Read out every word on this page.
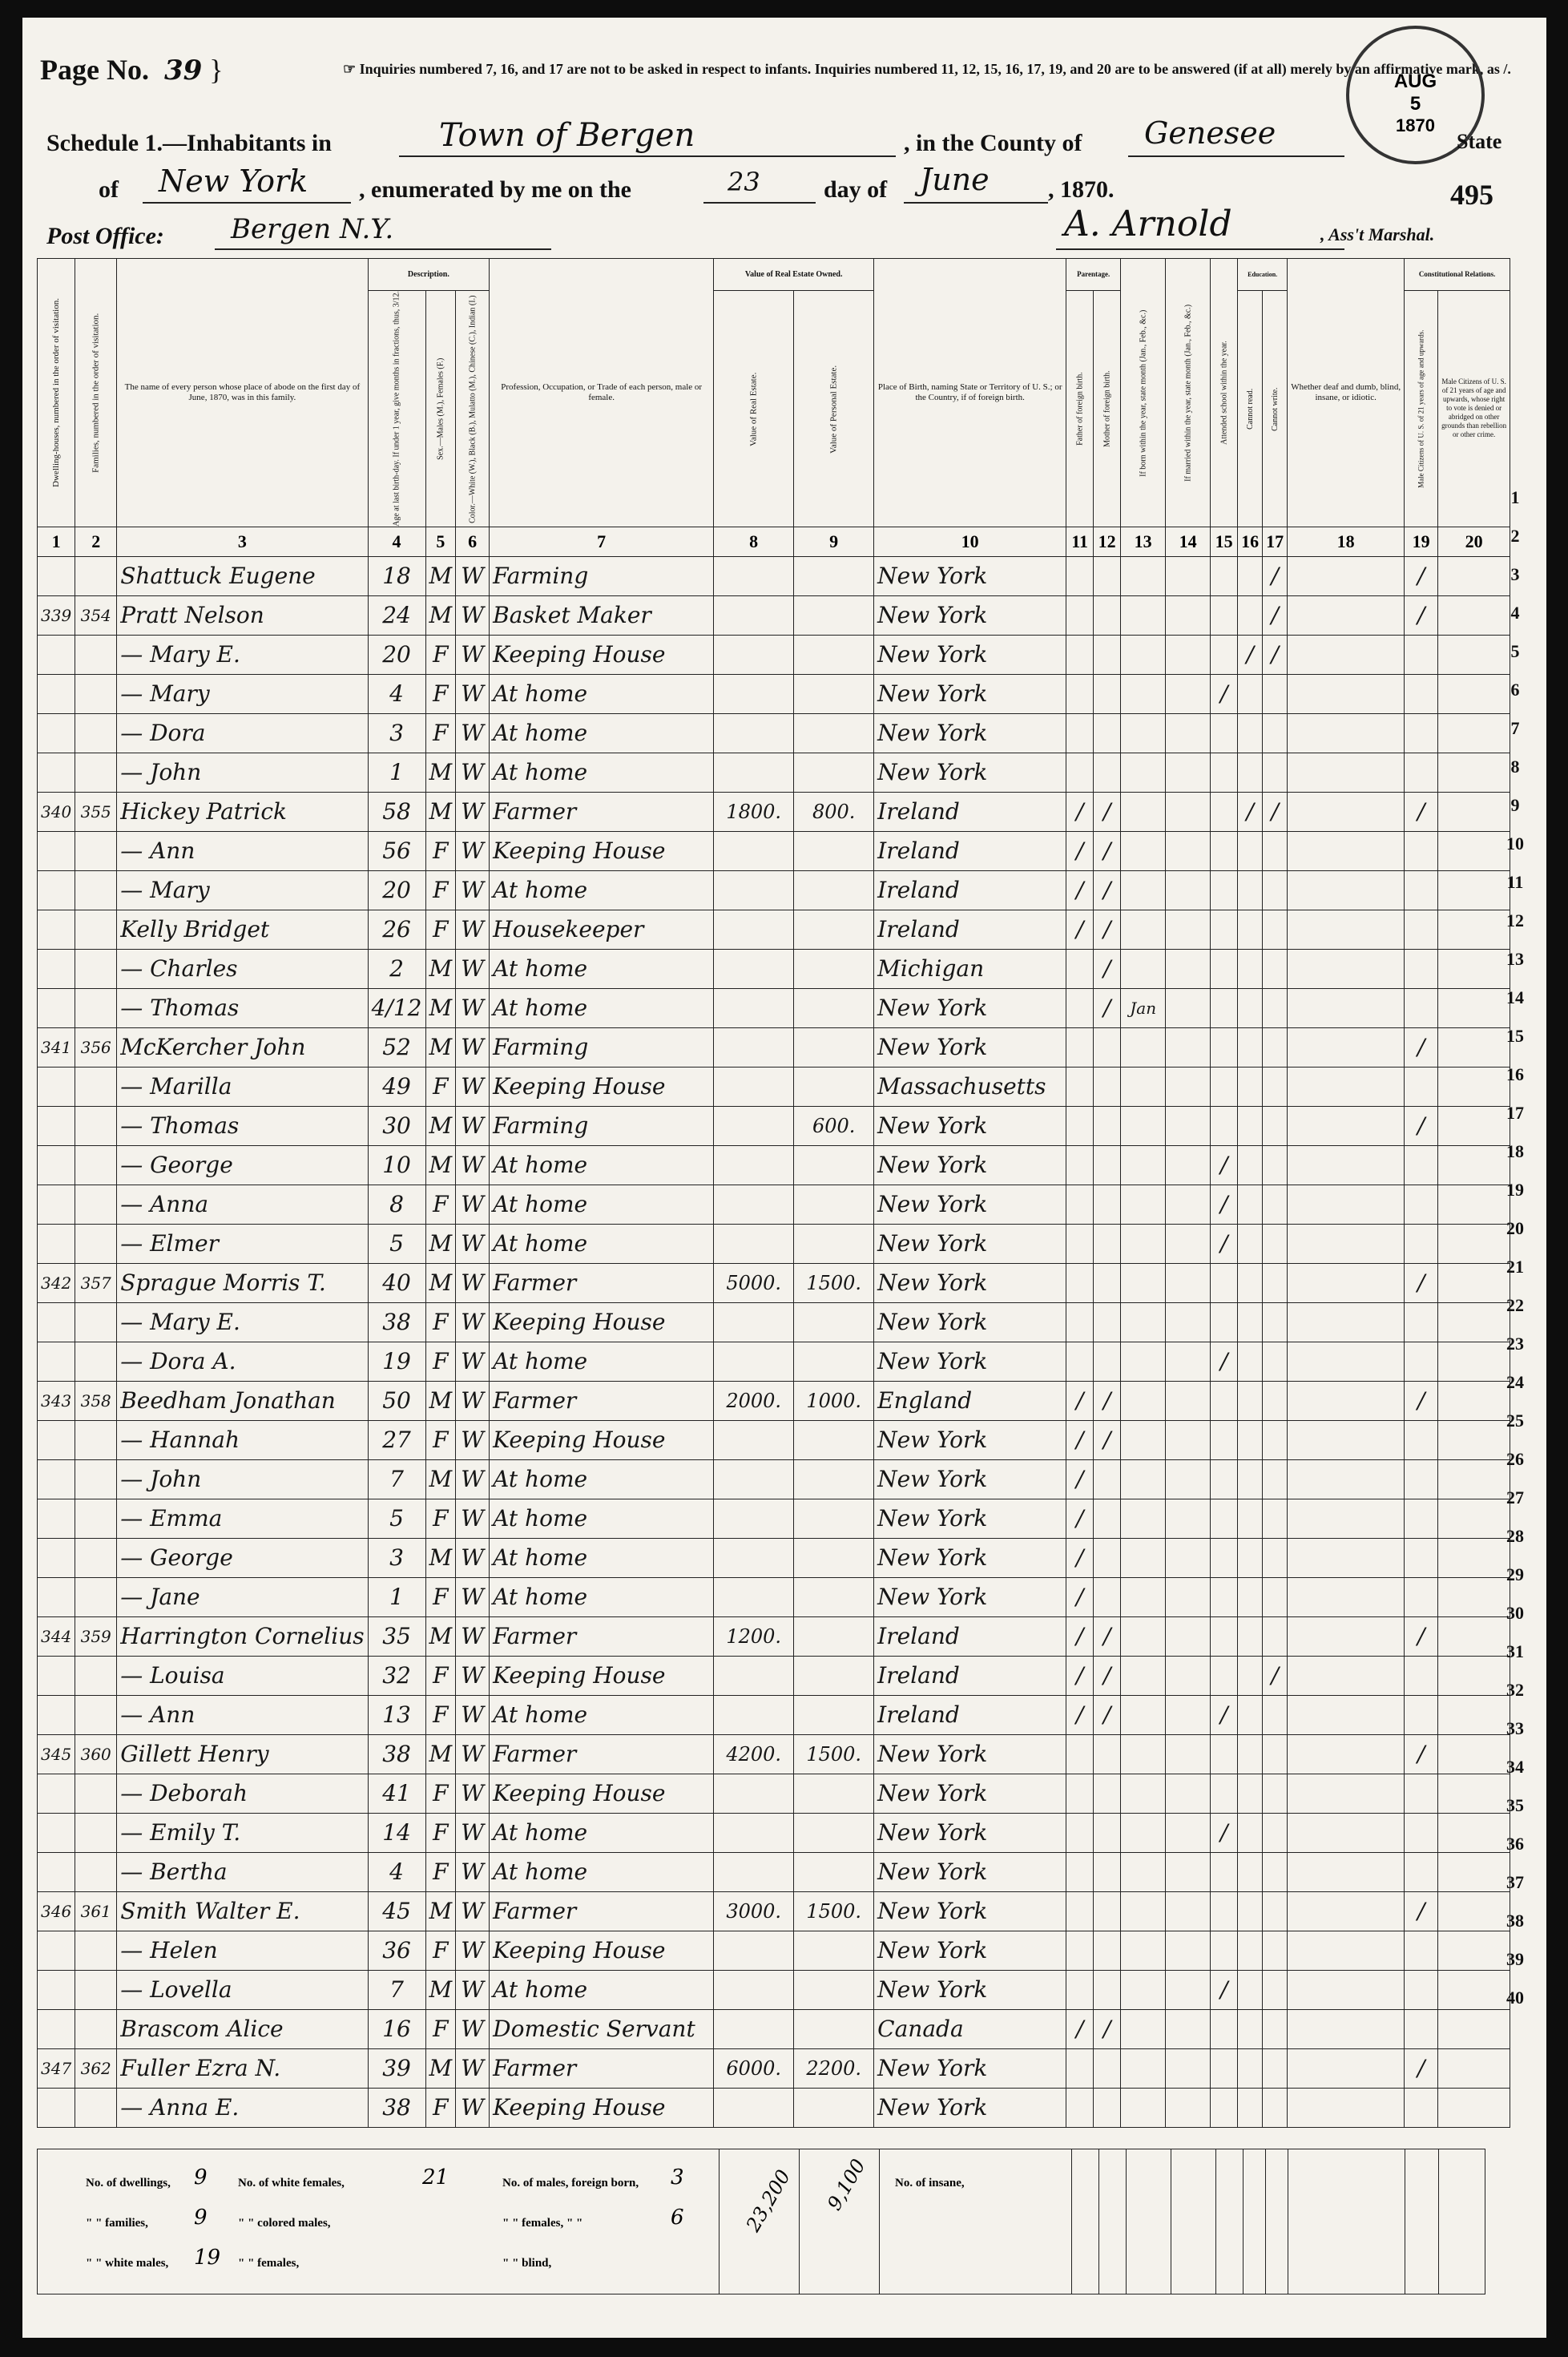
Page No. 39 }	☞ Inquiries numbered 7, 16, and 17 are not to be asked in respect to infants. Inquiries numbered 11, 12, 15, 16, 17, 19, and 20 are to be answered (if at all) merely by an affirmative mark, as /.
AUG
5
1870
Schedule 1.—Inhabitants in	Town of Bergen	, in the County of Genesee	State
of New York , enumerated by me on the	23	day of June , 1870.	495
Post Office: Bergen N.Y.	A. Arnold	, Ass't Marshal.
Dwelling-houses, numbered in the order of visitation.	Families, numbered in the order of visitation.	The name of every person whose place of abode on the first day of June, 1870, was in this family.	Description.			Profession, Occupation, or Trade of each person, male or female.	Value of Real Estate Owned.		Place of Birth, naming State or Territory of U. S.; or the Country, if of foreign birth.	Parentage.		If born within the year, state month (Jan., Feb., &c.)	If married within the year, state month (Jan., Feb., &c.)	Attended school within the year.	Education.		Whether deaf and dumb, blind, insane, or idiotic.	Constitutional Relations.	
			Age at last birth-day. If under 1 year, give months in fractions, thus, 3/12.	Sex.—Males (M.), Females (F.)	Color.—White (W.), Black (B.), Mulatto (M.), Chinese (C.), Indian (I.)		Value of Real Estate.	Value of Personal Estate.		Father of foreign birth.	Mother of foreign birth.				Cannot read.	Cannot write.		Male Citizens of U. S. of 21 years of age and upwards.	Male Citizens of U. S. of 21 years of age and upwards, whose right to vote is denied or abridged on other grounds than rebellion or other crime.
1	2	3	4	5	6	7	8	9	10	11	12	13	14	15	16	17	18	19	20
		Shattuck Eugene	18	M	W	Farming			New York							/		/	
339	354	Pratt Nelson	24	M	W	Basket Maker			New York							/		/	
		— Mary E.	20	F	W	Keeping House			New York						/	/			
		— Mary	4	F	W	At home			New York					/					
		— Dora	3	F	W	At home			New York										
		— John	1	M	W	At home			New York										
340	355	Hickey Patrick	58	M	W	Farmer	1800.	800.	Ireland	/	/				/	/		/	
		— Ann	56	F	W	Keeping House			Ireland	/	/								
		— Mary	20	F	W	At home			Ireland	/	/								
		Kelly Bridget	26	F	W	Housekeeper			Ireland	/	/								
		— Charles	2	M	W	At home			Michigan		/								
		— Thomas	4/12	M	W	At home			New York		/	Jan							
341	356	McKercher John	52	M	W	Farming			New York									/	
		— Marilla	49	F	W	Keeping House			Massachusetts										
		— Thomas	30	M	W	Farming		600.	New York									/	
		— George	10	M	W	At home			New York					/					
		— Anna	8	F	W	At home			New York					/					
		— Elmer	5	M	W	At home			New York					/					
342	357	Sprague Morris T.	40	M	W	Farmer	5000.	1500.	New York									/	
		— Mary E.	38	F	W	Keeping House			New York										
		— Dora A.	19	F	W	At home			New York					/					
343	358	Beedham Jonathan	50	M	W	Farmer	2000.	1000.	England	/	/							/	
		— Hannah	27	F	W	Keeping House			New York	/	/								
		— John	7	M	W	At home			New York	/									
		— Emma	5	F	W	At home			New York	/									
		— George	3	M	W	At home			New York	/									
		— Jane	1	F	W	At home			New York	/									
344	359	Harrington Cornelius	35	M	W	Farmer	1200.		Ireland	/	/							/	
		— Louisa	32	F	W	Keeping House			Ireland	/	/					/			
		— Ann	13	F	W	At home			Ireland	/	/			/					
345	360	Gillett Henry	38	M	W	Farmer	4200.	1500.	New York									/	
		— Deborah	41	F	W	Keeping House			New York										
		— Emily T.	14	F	W	At home			New York					/					
		— Bertha	4	F	W	At home			New York										
346	361	Smith Walter E.	45	M	W	Farmer	3000.	1500.	New York									/	
		— Helen	36	F	W	Keeping House			New York										
		— Lovella	7	M	W	At home			New York					/					
		Brascom Alice	16	F	W	Domestic Servant			Canada	/	/								
347	362	Fuller Ezra N.	39	M	W	Farmer	6000.	2200.	New York									/	
		— Anna E.	38	F	W	Keeping House			New York										
1
2
3
4
5
6
7
8
9
10
11
12
13
14
15
16
17
18
19
20
21
22
23
24
25
26
27
28
29
30
31
32
33
34
35
36
37
38
39
40
No. of dwellings, 9
" " families, 9
" " white males, 19
No. of white females,	21
" " colored males,
" " females,
No. of males, foreign born, 3
" " females, " "	6
" " blind,
23,200 9,100 No. of insane,
